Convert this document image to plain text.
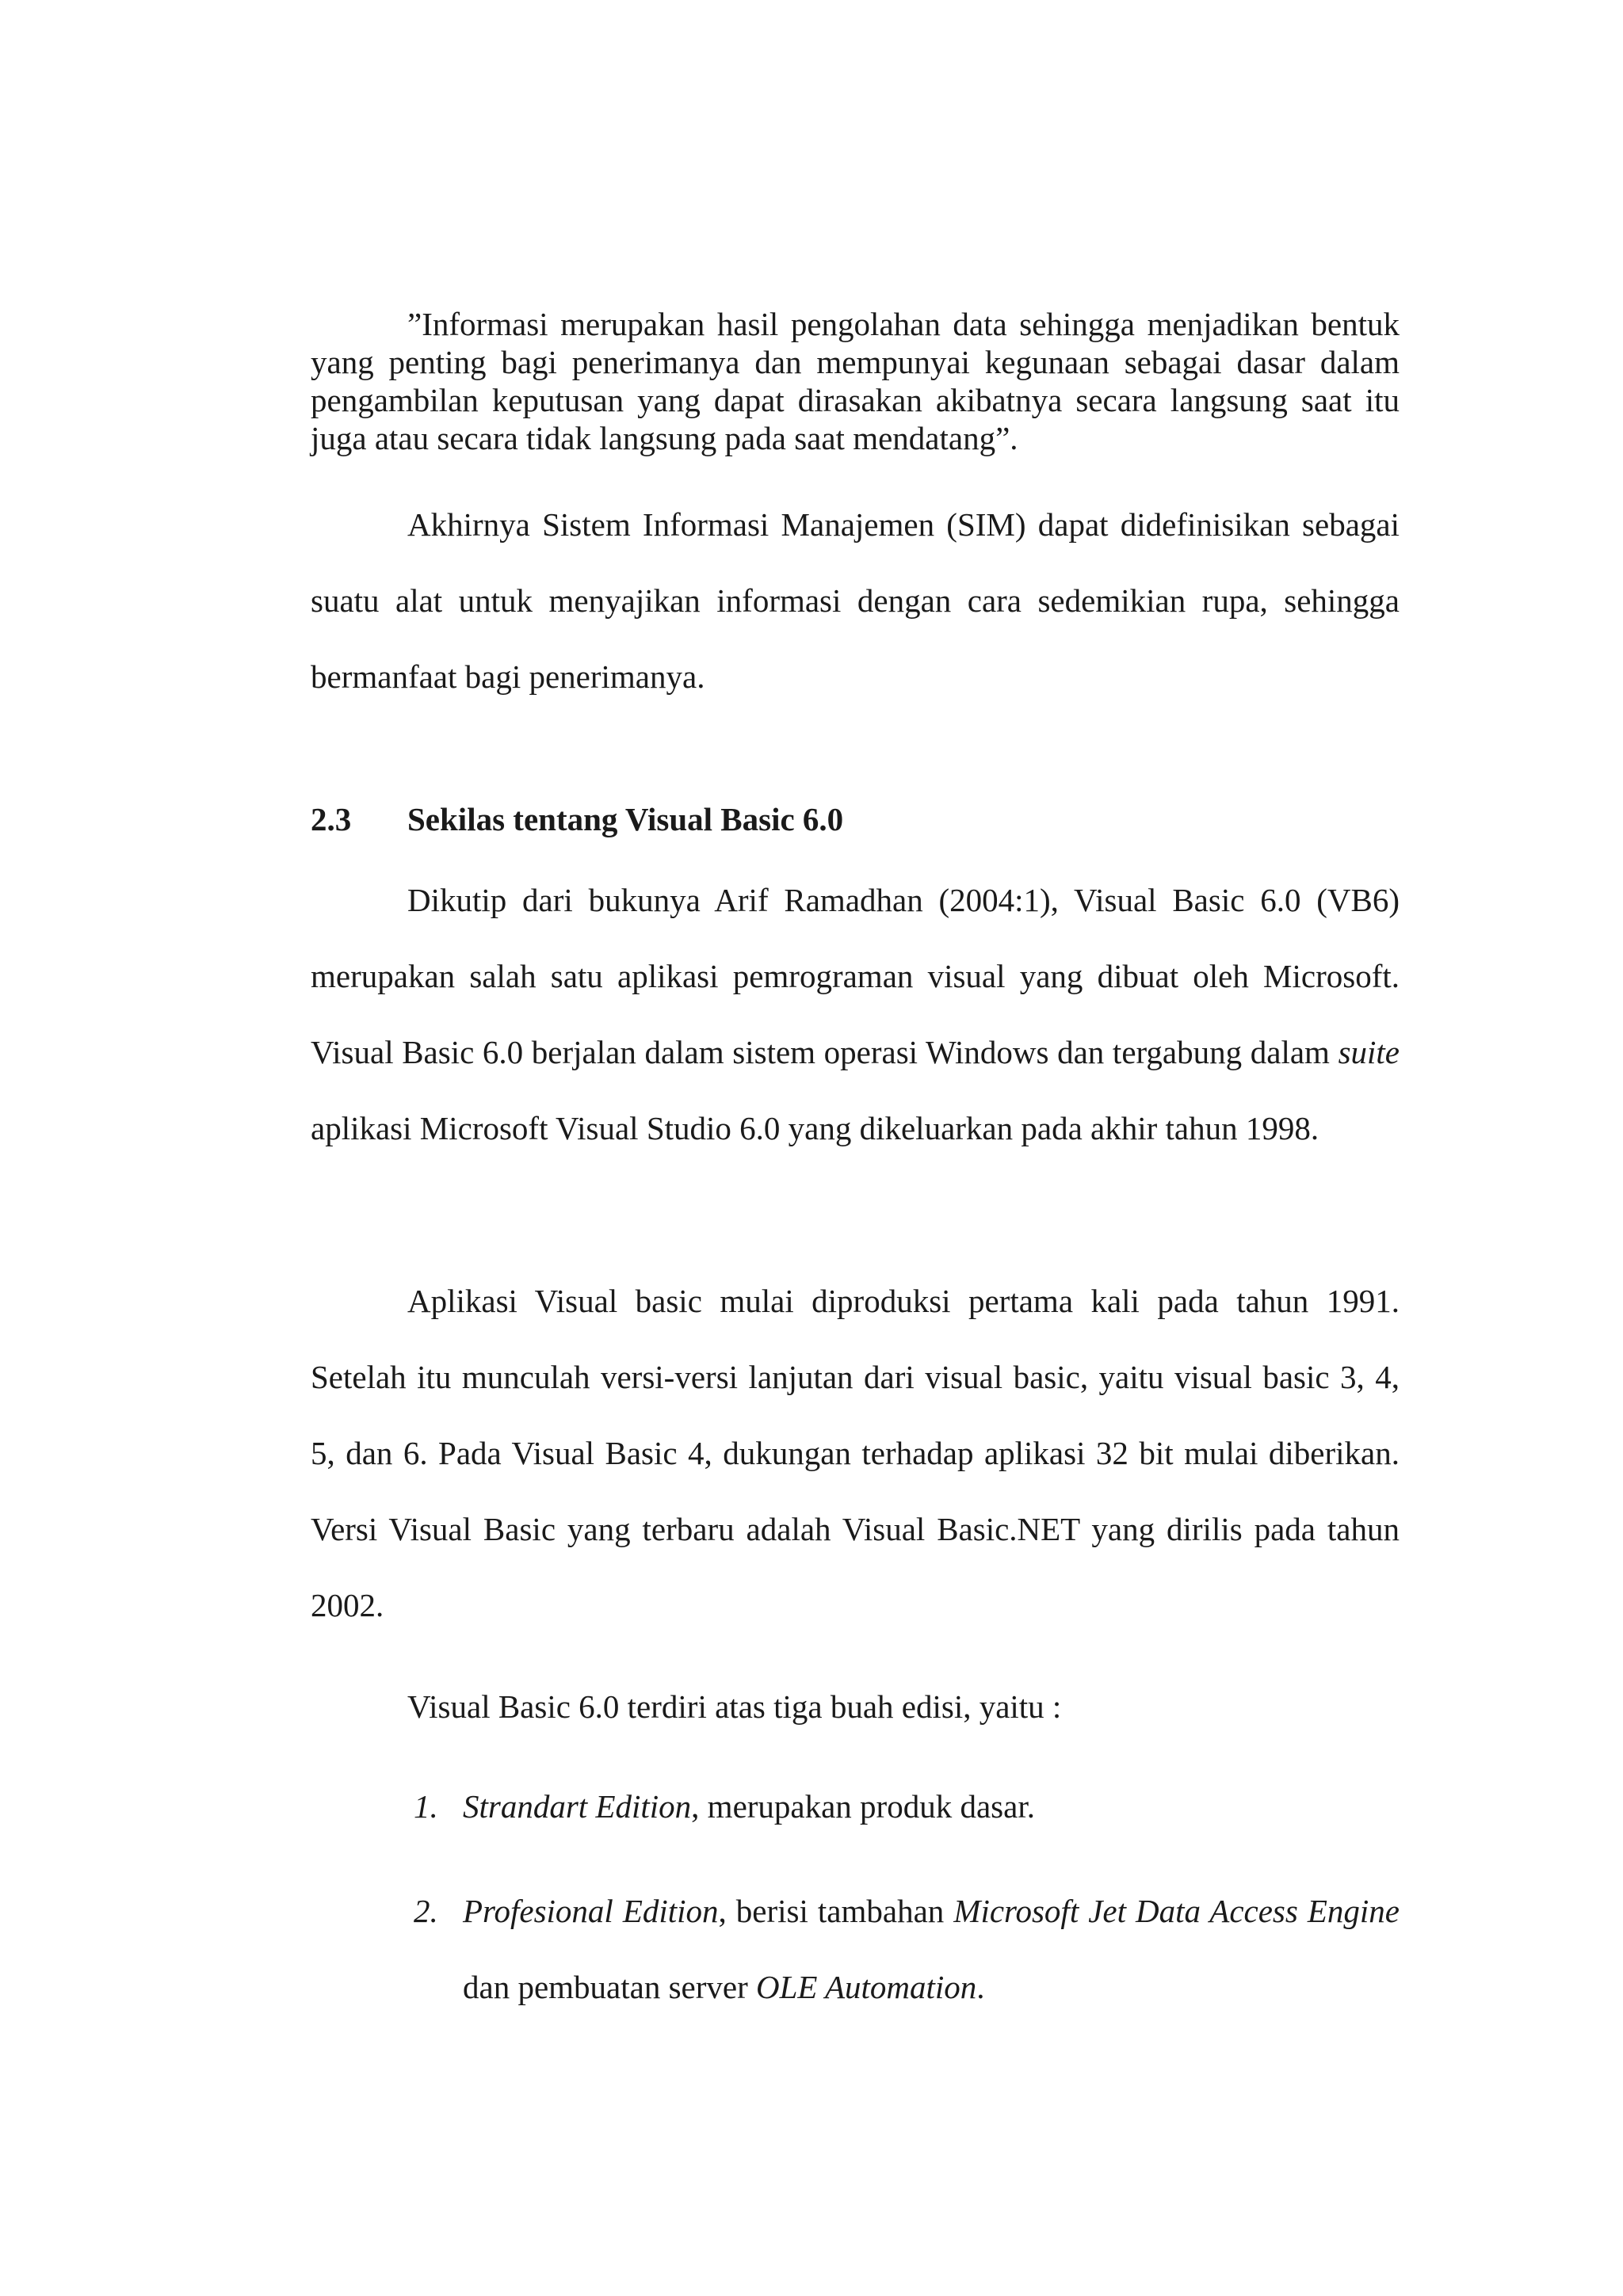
”Informasi merupakan hasil pengolahan data sehingga menjadikan bentuk yang penting bagi penerimanya dan mempunyai kegunaan sebagai dasar dalam pengambilan keputusan yang dapat dirasakan akibatnya secara langsung saat itu juga atau secara tidak langsung pada saat mendatang”.

Akhirnya Sistem Informasi Manajemen (SIM) dapat didefinisikan sebagai suatu alat untuk menyajikan informasi dengan cara sedemikian rupa, sehingga bermanfaat bagi penerimanya.

2.3 Sekilas tentang Visual Basic 6.0

Dikutip dari bukunya Arif Ramadhan (2004:1), Visual Basic 6.0 (VB6) merupakan salah satu aplikasi pemrograman visual yang dibuat oleh Microsoft. Visual Basic 6.0 berjalan dalam sistem operasi Windows dan tergabung dalam suite aplikasi Microsoft Visual Studio 6.0 yang dikeluarkan pada akhir tahun 1998.

Aplikasi Visual basic mulai diproduksi pertama kali pada tahun 1991. Setelah itu munculah versi-versi lanjutan dari visual basic, yaitu visual basic 3, 4, 5, dan 6. Pada Visual Basic 4, dukungan terhadap aplikasi 32 bit mulai diberikan. Versi Visual Basic yang terbaru adalah Visual Basic.NET yang dirilis pada tahun 2002.

Visual Basic 6.0 terdiri atas tiga buah edisi, yaitu :

1. Strandart Edition, merupakan produk dasar.
2. Profesional Edition, berisi tambahan Microsoft Jet Data Access Engine dan pembuatan server OLE Automation.
